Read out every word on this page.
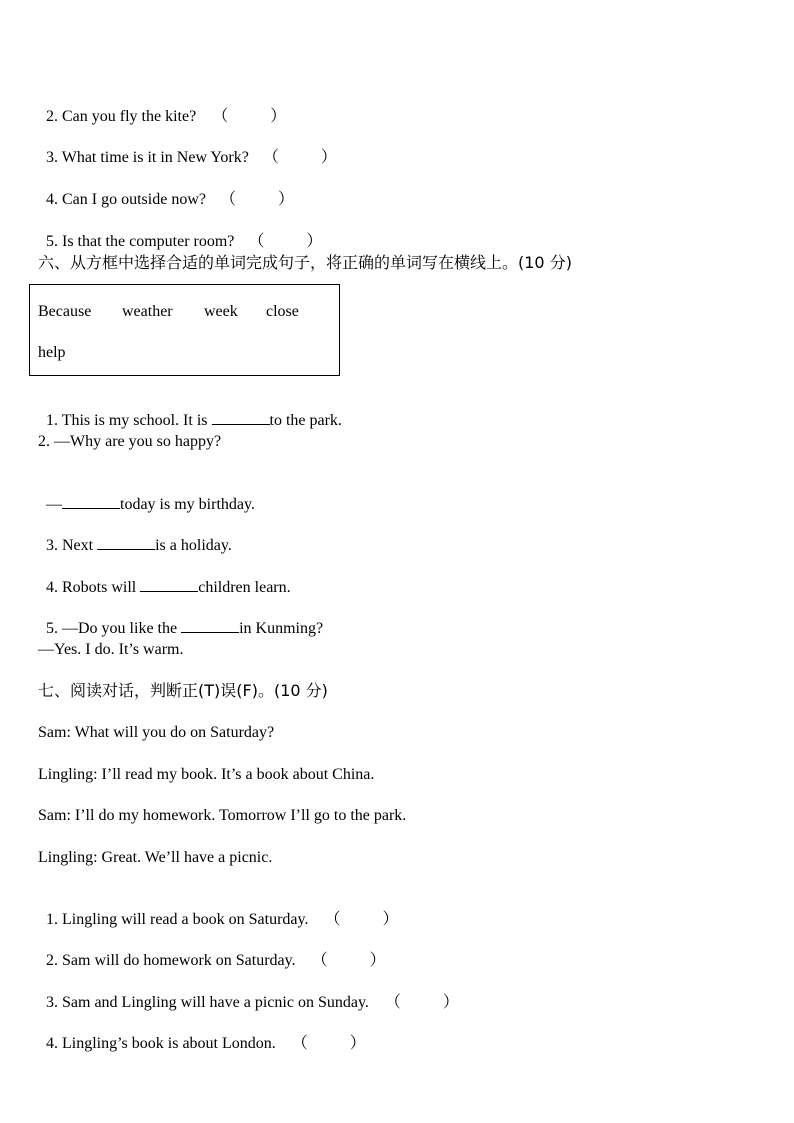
2. Can you fly the kite? （	）

3. What time is it in New York? （	）

4. Can I go outside now? （	）

5. Is that the computer room? （	）

六、从方框中选择合适的单词完成句子，将正确的单词写在横线上。(10 分)
Because weather week close
help

1. This is my school. It is	to the park.

2. —Why are you so happy?

—	today is my birthday.

3. Next	is a holiday.

4. Robots will	children learn.

5. —Do you like the	in Kunming?

—Yes. I do. It’s warm.
七、阅读对话，判断正(T)误(F)。(10 分)
Sam: What will you do on Saturday?
Lingling: I’ll read my book. It’s a book about China.
Sam: I’ll do my homework. Tomorrow I’ll go to the park.
Lingling: Great. We’ll have a picnic.

1. Lingling will read a book on Saturday. （	）

2. Sam will do homework on Saturday. （	）

3. Sam and Lingling will have a picnic on Sunday. （	）

4. Lingling’s book is about London. （	）
